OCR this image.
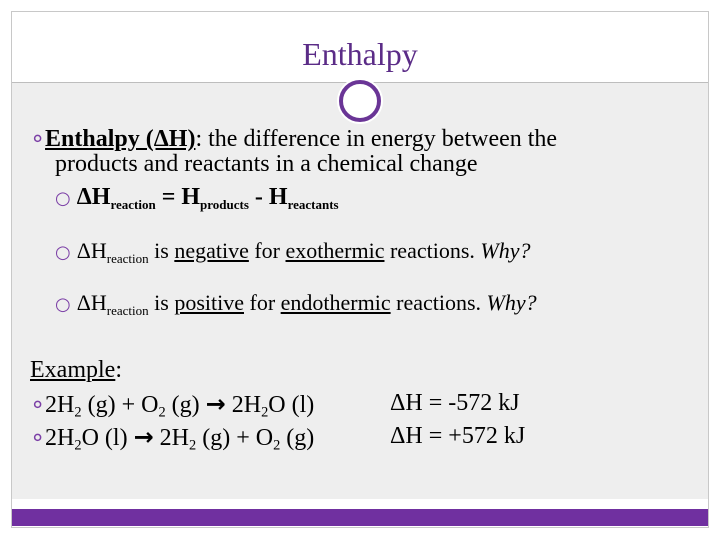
Enthalpy
∘Enthalpy (ΔH): the difference in energy between the
products and reactants in a chemical change
○ $\Delta H_{reaction} = H_{products} - H_{reactants}$
○ $\Delta H_{reaction}$ is negative for exothermic reactions. Why?
○ $\Delta H_{reaction}$ is positive for endothermic reactions. Why?
Example:
$\circ 2H_2$ $(g) + O_2$ $(g) \to 2H_2O$ (l)	ΔH = -572 kJ
$\circ 2H_2O$ $(l) \to 2H_2$ $(g) + O_2$ (g)	ΔH = +572 kJ
